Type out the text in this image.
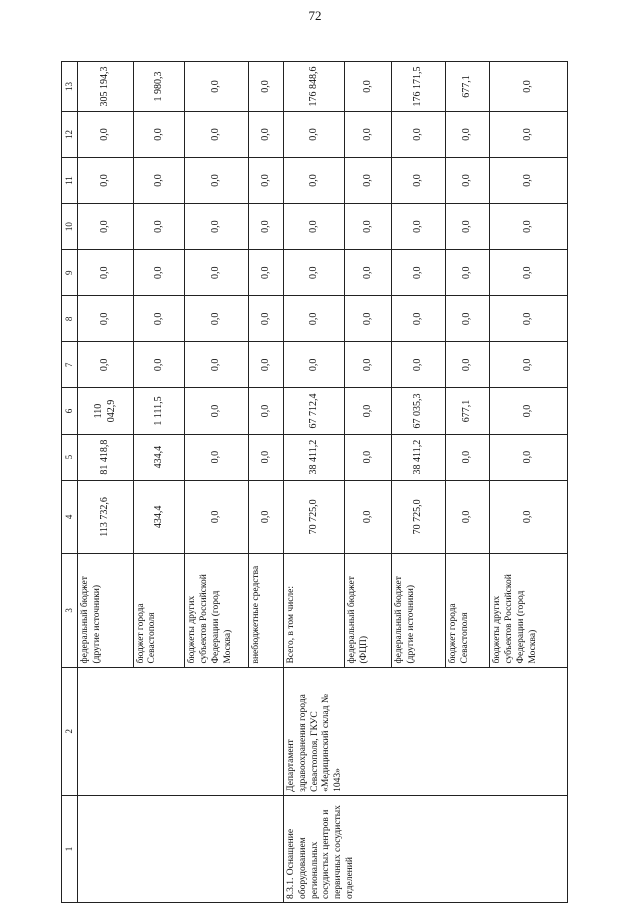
72
1	2	3	4	5	6	7	8	9	10	11	12	13
		федеральный бюджет (другие источники)	113 732,6	81 418,8	110 042,9	0,0	0,0	0,0	0,0	0,0	0,0	305 194,3
		бюджет города Севастополя	434,4	434,4	1 111,5	0,0	0,0	0,0	0,0	0,0	0,0	1 980,3
		бюджеты других субъектов Российской Федерации (город Москва)	0,0	0,0	0,0	0,0	0,0	0,0	0,0	0,0	0,0	0,0
		внебюджетные средства	0,0	0,0	0,0	0,0	0,0	0,0	0,0	0,0	0,0	0,0
8.3.1. Оснащение оборудованием региональных сосудистых центров и первичных сосудистых отделений	Департамент здравоохранения города Севастополя, ГКУС «Медицинский склад № 1043»	Всего, в том числе:	70 725,0	38 411,2	67 712,4	0,0	0,0	0,0	0,0	0,0	0,0	176 848,6
		федеральный бюджет (ФЦП)	0,0	0,0	0,0	0,0	0,0	0,0	0,0	0,0	0,0	0,0
		федеральный бюджет (другие источники)	70 725,0	38 411,2	67 035,3	0,0	0,0	0,0	0,0	0,0	0,0	176 171,5
		бюджет города Севастополя	0,0	0,0	677,1	0,0	0,0	0,0	0,0	0,0	0,0	677,1
		бюджеты других субъектов Российской Федерации (город Москва)	0,0	0,0	0,0	0,0	0,0	0,0	0,0	0,0	0,0	0,0
